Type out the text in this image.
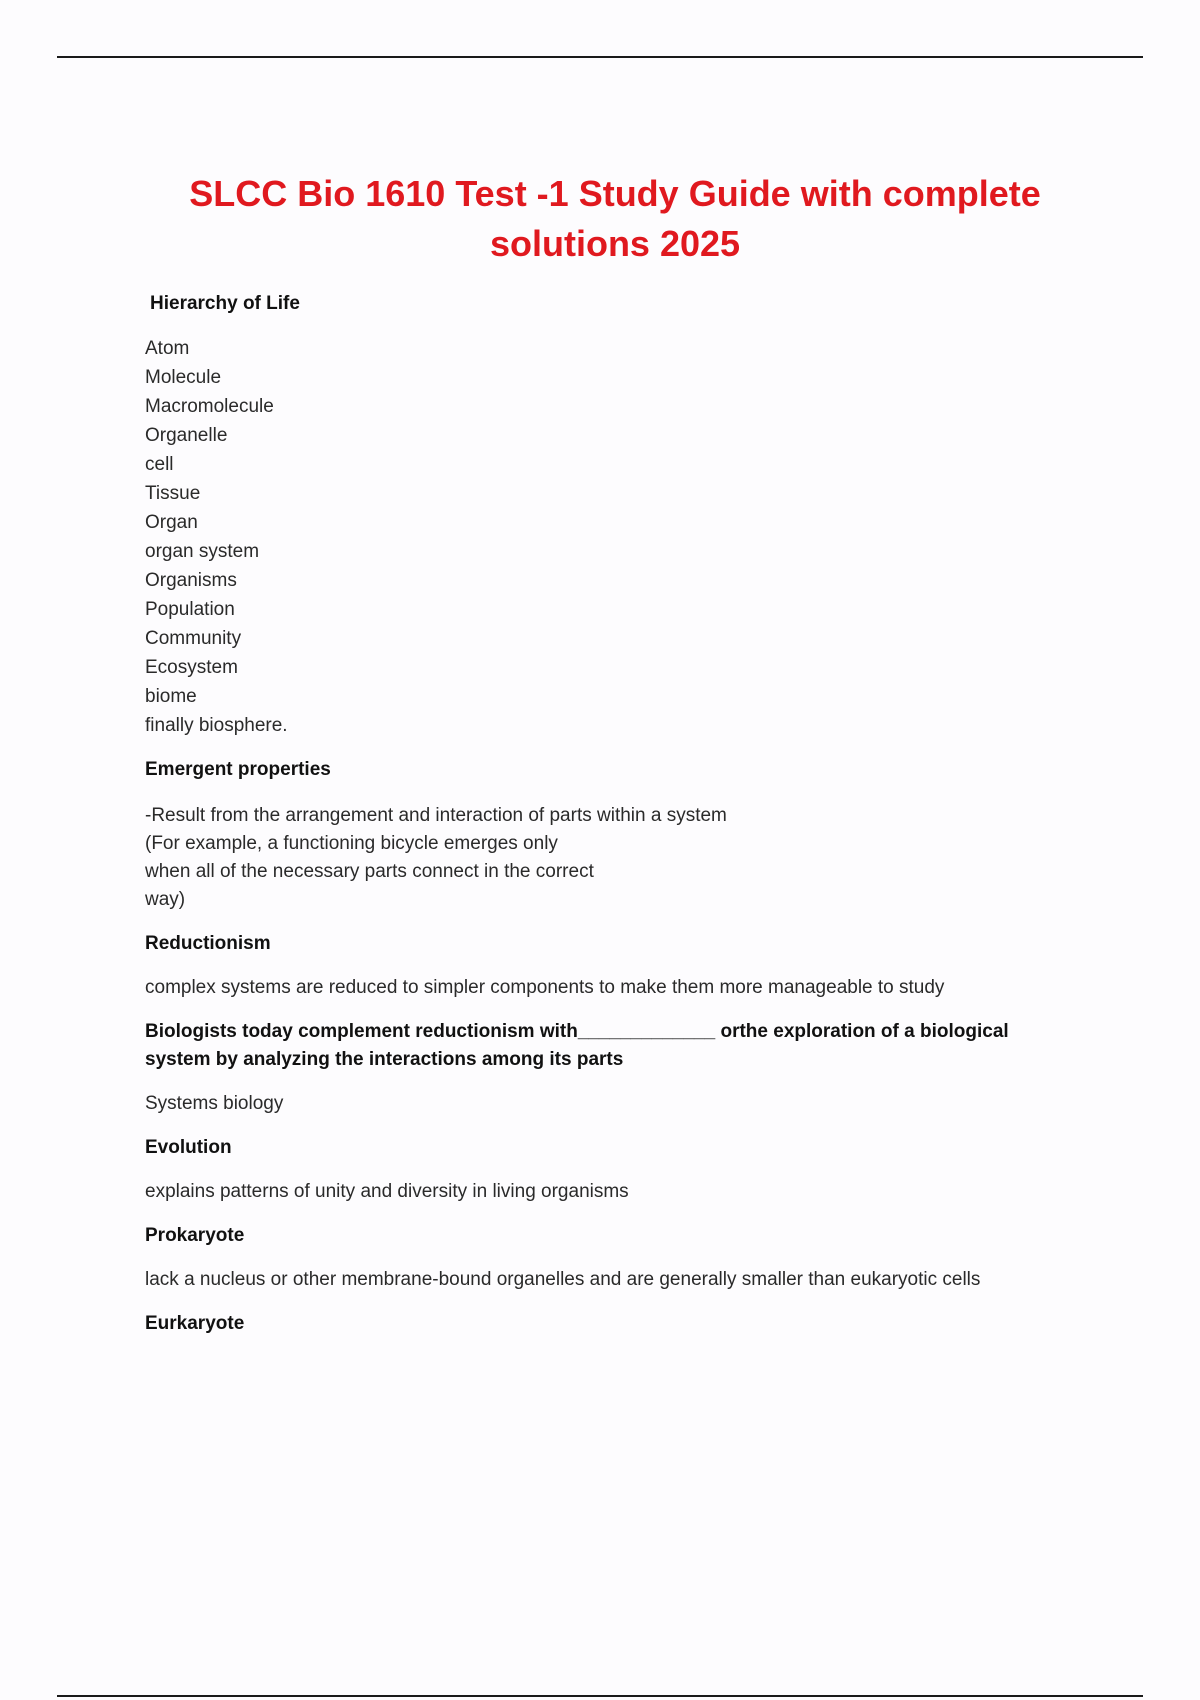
SLCC Bio 1610 Test -1 Study Guide with complete solutions 2025
Hierarchy of Life
Atom
Molecule
Macromolecule
Organelle
cell
Tissue
Organ
organ system
Organisms
Population
Community
Ecosystem
biome
finally biosphere.
Emergent properties
-Result from the arrangement and interaction of parts within a system
(For example, a functioning bicycle emerges only
when all of the necessary parts connect in the correct
way)
Reductionism
complex systems are reduced to simpler components to make them more manageable to study
Biologists today complement reductionism with_____________ orthe exploration of a biological
system by analyzing the interactions among its parts
Systems biology
Evolution
explains patterns of unity and diversity in living organisms
Prokaryote
lack a nucleus or other membrane-bound organelles and are generally smaller than eukaryotic cells
Eurkaryote
